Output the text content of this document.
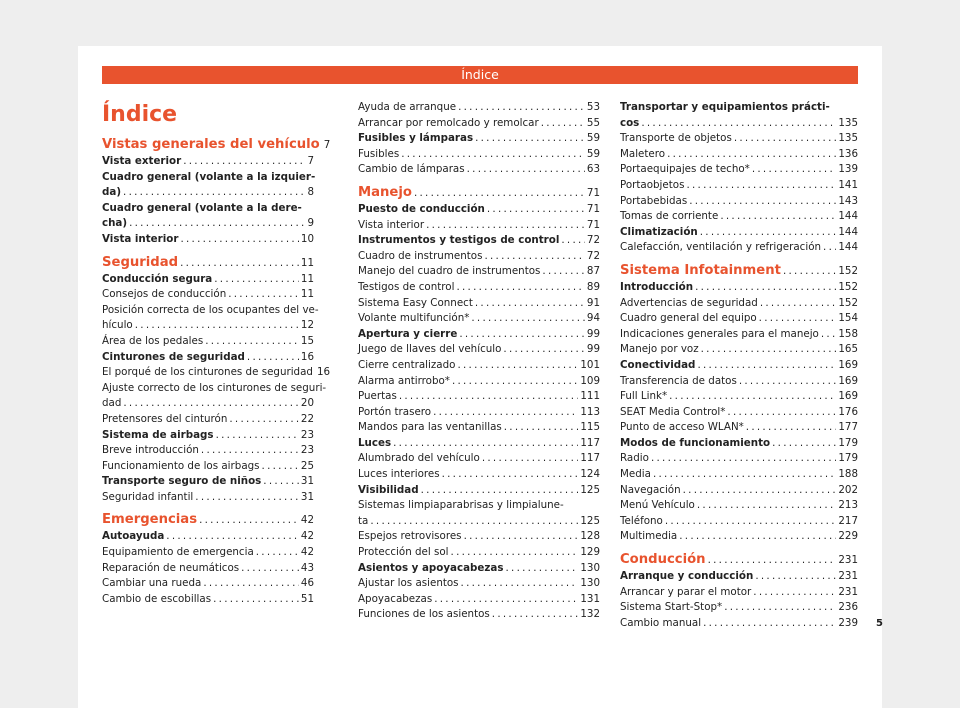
Índice
Índice
Vistas generales del vehículo 7
Vista exterior . . .	7
Cuadro general (volante a la izquier-
da) . . .	8
Cuadro general (volante a la dere-
cha) . . .	9
Vista interior . . .	10
Seguridad . . .	11
Conducción segura . . .	11
Consejos de conducción . . .	11
Posición correcta de los ocupantes del ve-
hículo . . .	12
Área de los pedales . . .	15
Cinturones de seguridad . . .	16
El porqué de los cinturones de seguridad 16
Ajuste correcto de los cinturones de seguri-
dad . . .	20
Pretensores del cinturón . . .	22
Sistema de airbags . . .	23
Breve introducción . . .	23
Funcionamiento de los airbags . . .	25
Transporte seguro de niños . . .	31
Seguridad infantil . . .	31
Emergencias . . .	42
Autoayuda . . .	42
Equipamiento de emergencia . . .	42
Reparación de neumáticos . . .	43
Cambiar una rueda . . .	46
Cambio de escobillas . . .	51
Ayuda de arranque . . .	53
Arrancar por remolcado y remolcar . . .	55
Fusibles y lámparas . . .	59
Fusibles . . .	59
Cambio de lámparas . . .	63
Manejo . . .	71
Puesto de conducción . . .	71
Vista interior . . .	71
Instrumentos y testigos de control . . .	72
Cuadro de instrumentos . . .	72
Manejo del cuadro de instrumentos . . .	87
Testigos de control . . .	89
Sistema Easy Connect . . .	91
Volante multifunción* . . .	94
Apertura y cierre . . .	99
Juego de llaves del vehículo . . .	99
Cierre centralizado . . .	101
Alarma antirrobo* . . .	109
Puertas . . .	111
Portón trasero . . .	113
Mandos para las ventanillas . . .	115
Luces . . .	117
Alumbrado del vehículo . . .	117
Luces interiores . . .	124
Visibilidad . . .	125
Sistemas limpiaparabrisas y limpialune-
ta . . .	125
Espejos retrovisores . . .	128
Protección del sol . . .	129
Asientos y apoyacabezas . . .	130
Ajustar los asientos . . .	130
Apoyacabezas . . .	131
Funciones de los asientos . . .	132
Transportar y equipamientos prácti-
cos . . .	135
Transporte de objetos . . .	135
Maletero . . .	136
Portaequipajes de techo* . . .	139
Portaobjetos . . .	141
Portabebidas . . .	143
Tomas de corriente . . .	144
Climatización . . .	144
Calefacción, ventilación y refrigeración . . . 144
Sistema Infotainment . . .	152
Introducción . . .	152
Advertencias de seguridad . . .	152
Cuadro general del equipo . . .	154
Indicaciones generales para el manejo . . . 158
Manejo por voz . . .	165
Conectividad . . .	169
Transferencia de datos . . .	169
Full Link* . . .	169
SEAT Media Control* . . .	176
Punto de acceso WLAN* . . .	177
Modos de funcionamiento . . .	179
Radio . . .	179
Media . . .	188
Navegación . . .	202
Menú Vehículo . . .	213
Teléfono . . .	217
Multimedia . . .	229
Conducción . . .	231
Arranque y conducción . . .	231
Arrancar y parar el motor . . .	231
Sistema Start-Stop* . . .	236
Cambio manual . . .	239 5
